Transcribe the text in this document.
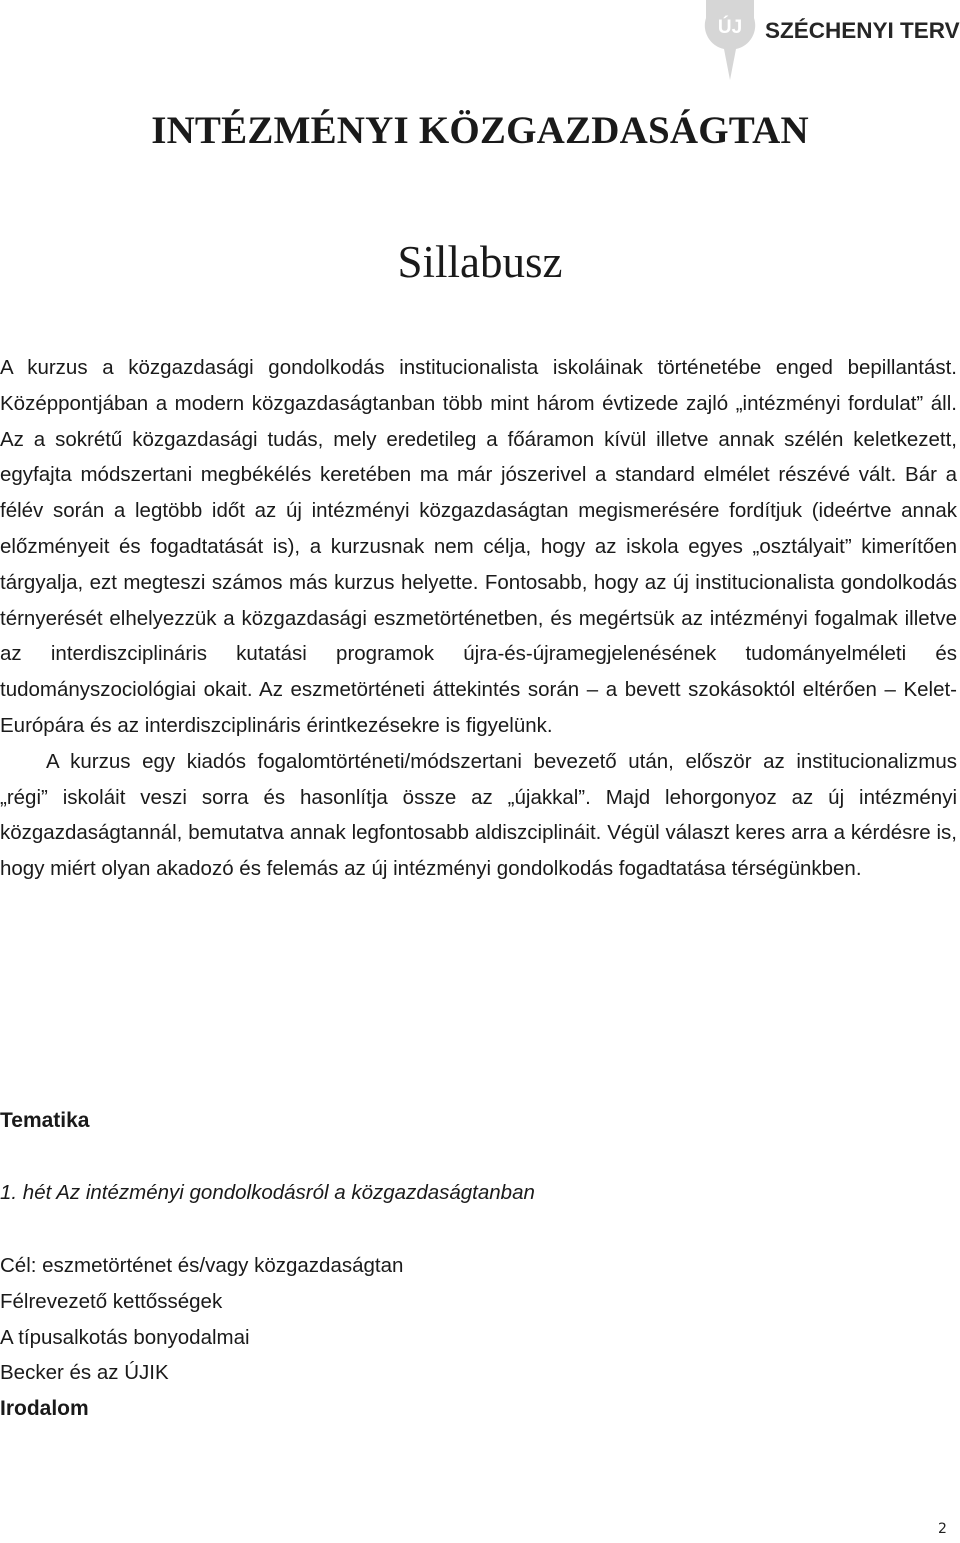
ÚJ SZÉCHENYI TERV
INTÉZMÉNYI KÖZGAZDASÁGTAN
Sillabusz

A kurzus a közgazdasági gondolkodás institucionalista iskoláinak történetébe enged bepillantást. Középpontjában a modern közgazdaságtanban több mint három évtizede zajló „intézményi fordulat” áll. Az a sokrétű közgazdasági tudás, mely eredetileg a főáramon kívül illetve annak szélén keletkezett, egyfajta módszertani megbékélés keretében ma már jószerivel a standard elmélet részévé vált. Bár a félév során a legtöbb időt az új intézményi közgazdaságtan megismerésére fordítjuk (ideértve annak előzményeit és fogadtatását is), a kurzusnak nem célja, hogy az iskola egyes „osztályait” kimerítően tárgyalja, ezt megteszi számos más kurzus helyette. Fontosabb, hogy az új institucionalista gondolkodás térnyerését elhelyezzük a közgazdasági eszmetörténetben, és megértsük az intézményi fogalmak illetve az interdiszciplináris kutatási programok újra-és-újramegjelenésének tudományelméleti és tudományszociológiai okait. Az eszmetörténeti áttekintés során – a bevett szokásoktól eltérően – Kelet-Európára és az interdiszciplináris érintkezésekre is figyelünk.

A kurzus egy kiadós fogalomtörténeti/módszertani bevezető után, először az institucionalizmus „régi” iskoláit veszi sorra és hasonlítja össze az „újakkal”. Majd lehorgonyoz az új intézményi közgazdaságtannál, bemutatva annak legfontosabb aldiszciplináit. Végül választ keres arra a kérdésre is, hogy miért olyan akadozó és felemás az új intézményi gondolkodás fogadtatása térségünkben.

Tematika

1. hét Az intézményi gondolkodásról a közgazdaságtanban

Cél: eszmetörténet és/vagy közgazdaságtan
Félrevezető kettősségek
A típusalkotás bonyodalmai
Becker és az ÚJIK

Irodalom

2
